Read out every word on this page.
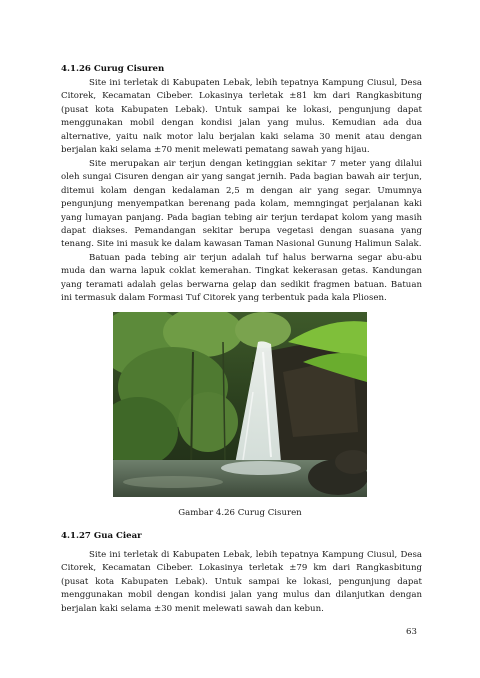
4.1.26 Curug Cisuren

Site ini terletak di Kabupaten Lebak, lebih tepatnya Kampung Ciusul, Desa Citorek, Kecamatan Cibeber. Lokasinya terletak ±81 km dari Rangkasbitung (pusat kota Kabupaten Lebak). Untuk sampai ke lokasi, pengunjung dapat menggunakan mobil dengan kondisi jalan yang mulus. Kemudian ada dua alternative, yaitu naik motor lalu berjalan kaki selama 30 menit atau dengan berjalan kaki selama ±70 menit melewati pematang sawah yang hijau.

Site merupakan air terjun dengan ketinggian sekitar 7 meter yang dilalui oleh sungai Cisuren dengan air yang sangat jernih. Pada bagian bawah air terjun, ditemui kolam dengan kedalaman 2,5 m dengan air yang segar. Umumnya pengunjung menyempatkan berenang pada kolam, memngingat perjalanan kaki yang lumayan panjang. Pada bagian tebing air terjun terdapat kolom yang masih dapat diakses. Pemandangan sekitar berupa vegetasi dengan suasana yang tenang. Site ini masuk ke dalam kawasan Taman Nasional Gunung Halimun Salak.

Batuan pada tebing air terjun adalah tuf halus berwarna segar abu-abu muda dan warna lapuk coklat kemerahan. Tingkat kekerasan getas. Kandungan yang teramati adalah gelas berwarna gelap dan sedikit fragmen batuan. Batuan ini termasuk dalam Formasi Tuf Citorek yang terbentuk pada kala Pliosen.

Gambar 4.26 Curug Cisuren
4.1.27 Gua Ciear

Site ini terletak di Kabupaten Lebak, lebih tepatnya Kampung Ciusul, Desa Citorek, Kecamatan Cibeber. Lokasinya terletak ±79 km dari Rangkasbitung (pusat kota Kabupaten Lebak). Untuk sampai ke lokasi, pengunjung dapat menggunakan mobil dengan kondisi jalan yang mulus dan dilanjutkan dengan berjalan kaki selama ±30 menit melewati sawah dan kebun.

63
